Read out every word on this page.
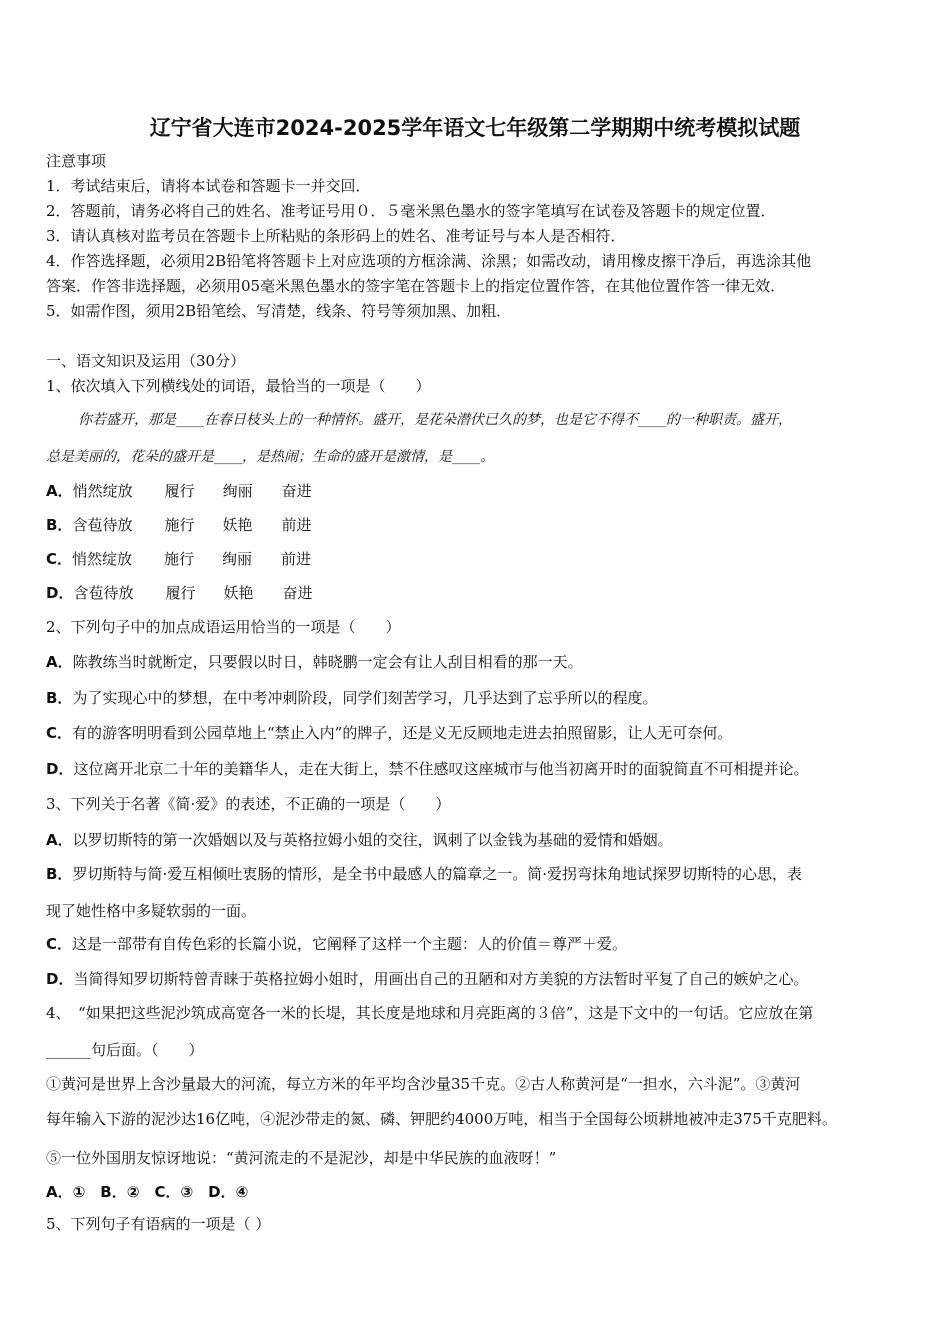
辽宁省大连市2024-2025学年语文七年级第二学期期中统考模拟试题
注意事项
1．考试结束后，请将本试卷和答题卡一并交回．
2．答题前，请务必将自己的姓名、准考证号用０．５毫米黑色墨水的签字笔填写在试卷及答题卡的规定位置．
3．请认真核对监考员在答题卡上所粘贴的条形码上的姓名、准考证号与本人是否相符．
4．作答选择题，必须用2B铅笔将答题卡上对应选项的方框涂满、涂黑；如需改动，请用橡皮擦干净后，再选涂其他
答案．作答非选择题，必须用05毫米黑色墨水的签字笔在答题卡上的指定位置作答，在其他位置作答一律无效．
5．如需作图，须用2B铅笔绘、写清楚，线条、符号等须加黑、加粗．
一、语文知识及运用（30分）
1、依次填入下列横线处的词语，最恰当的一项是（　　）
你若盛开，那是____在春日枝头上的一种情怀。盛开，是花朵潜伏已久的梦，也是它不得不____的一种职责。盛开，
总是美丽的，花朵的盛开是____，是热闹；生命的盛开是激情，是____。
A．悄然绽放 履行 绚丽 奋进
B．含苞待放 施行 妖艳 前进
C．悄然绽放 施行 绚丽 前进
D．含苞待放 履行 妖艳 奋进
2、下列句子中的加点成语运用恰当的一项是（　　）
A．陈教练当时就断定，只要假以时日，韩晓鹏一定会有让人刮目相看的那一天。
B．为了实现心中的梦想，在中考冲刺阶段，同学们刻苦学习，几乎达到了忘乎所以的程度。
C．有的游客明明看到公园草地上“禁止入内”的牌子，还是义无反顾地走进去拍照留影，让人无可奈何。
D．这位离开北京二十年的美籍华人，走在大街上，禁不住感叹这座城市与他当初离开时的面貌简直不可相提并论。
3、下列关于名著《简·爱》的表述，不正确的一项是（　　）
A．以罗切斯特的第一次婚姻以及与英格拉姆小姐的交往，讽刺了以金钱为基础的爱情和婚姻。
B．罗切斯特与简·爱互相倾吐衷肠的情形，是全书中最感人的篇章之一。简·爱拐弯抹角地试探罗切斯特的心思，表
现了她性格中多疑软弱的一面。
C．这是一部带有自传色彩的长篇小说，它阐释了这样一个主题：人的价值＝尊严＋爱。
D．当简得知罗切斯特曾青睐于英格拉姆小姐时，用画出自己的丑陋和对方美貌的方法暂时平复了自己的嫉妒之心。
4、　“如果把这些泥沙筑成高宽各一米的长堤，其长度是地球和月亮距离的３倍”，这是下文中的一句话。它应放在第
______句后面。（　　）
①黄河是世界上含沙量最大的河流，每立方米的年平均含沙量35千克。②古人称黄河是“一担水，六斗泥”。③黄河
每年输入下游的泥沙达16亿吨，④泥沙带走的氮、磷、钾肥约4000万吨，相当于全国每公顷耕地被冲走375千克肥料。
⑤一位外国朋友惊讶地说：“黄河流走的不是泥沙，却是中华民族的血液呀！”
A．①　B．②　C．③　D．④
5、下列句子有语病的一项是（ ）
